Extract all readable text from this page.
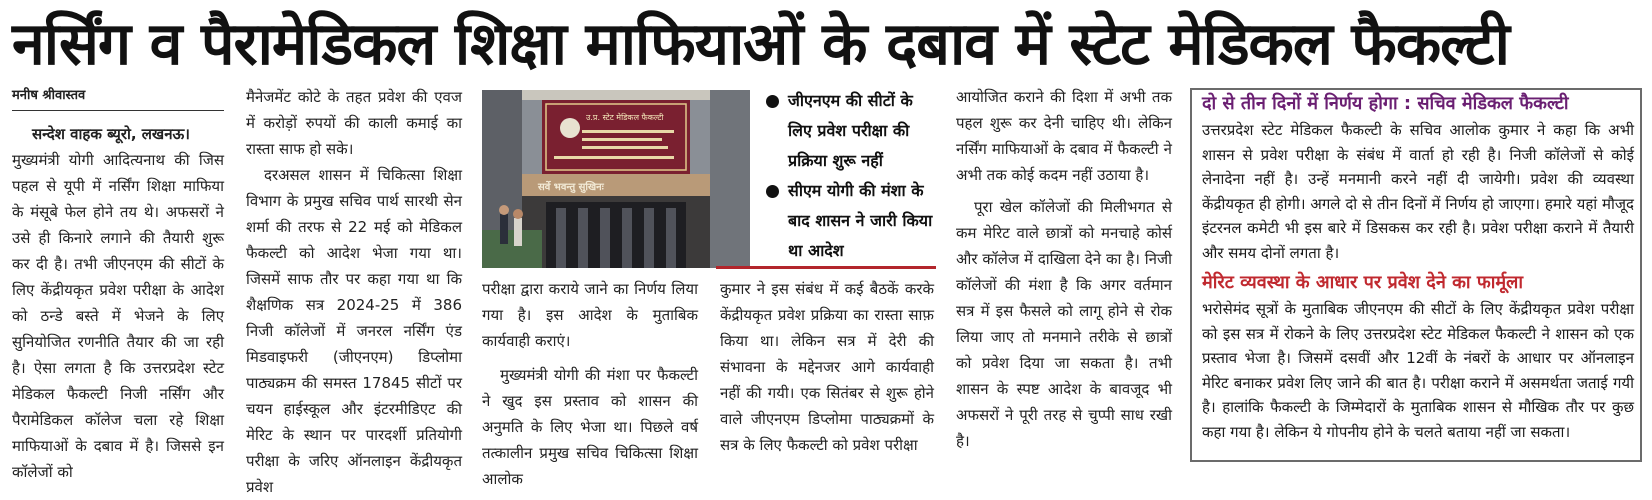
नर्सिंग व पैरामेडिकल शिक्षा माफियाओं के दबाव में स्टेट मेडिकल फैकल्टी

मनीष श्रीवास्तव

सन्देश वाहक ब्यूरो, लखनऊ।

मुख्यमंत्री योगी आदित्यनाथ की जिस पहल से यूपी में नर्सिंग शिक्षा माफिया के मंसूबे फेल होने तय थे। अफसरों ने उसे ही किनारे लगाने की तैयारी शुरू कर दी है। तभी जीएनएम की सीटों के लिए केंद्रीयकृत प्रवेश परीक्षा के आदेश को ठन्डे बस्ते में भेजने के लिए सुनियोजित रणनीति तैयार की जा रही है। ऐसा लगता है कि उत्तरप्रदेश स्टेट मेडिकल फैकल्टी निजी नर्सिंग और पैरामेडिकल कॉलेज चला रहे शिक्षा माफियाओं के दबाव में है। जिससे इन कॉलेजों को

मैनेजमेंट कोटे के तहत प्रवेश की एवज में करोड़ों रुपयों की काली कमाई का रास्ता साफ हो सके।

दरअसल शासन में चिकित्सा शिक्षा विभाग के प्रमुख सचिव पार्थ सारथी सेन शर्मा की तरफ से 22 मई को मेडिकल फैकल्टी को आदेश भेजा गया था। जिसमें साफ तौर पर कहा गया था कि शैक्षणिक सत्र 2024-25 में 386 निजी कॉलेजों में जनरल नर्सिंग एंड मिडवाइफरी (जीएनएम) डिप्लोमा पाठ्यक्रम की समस्त 17845 सीटों पर चयन हाईस्कूल और इंटरमीडिएट की मेरिट के स्थान पर पारदर्शी प्रतियोगी परीक्षा के जरिए ऑनलाइन केंद्रीयकृत प्रवेश

उ.प्र. स्टेट मेडिकल फैकल्टी
सर्वे भवन्तु सुखिनः
जीएनएम की सीटों के लिए प्रवेश परीक्षा की प्रक्रिया शुरू नहीं
सीएम योगी की मंशा के बाद शासन ने जारी किया था आदेश

परीक्षा द्वारा कराये जाने का निर्णय लिया गया है। इस आदेश के मुताबिक कार्यवाही कराएं।

मुख्यमंत्री योगी की मंशा पर फैकल्टी ने खुद इस प्रस्ताव को शासन की अनुमति के लिए भेजा था। पिछले वर्ष तत्कालीन प्रमुख सचिव चिकित्सा शिक्षा आलोक

कुमार ने इस संबंध में कई बैठकें करके केंद्रीयकृत प्रवेश प्रक्रिया का रास्ता साफ़ किया था। लेकिन सत्र में देरी की संभावना के मद्देनजर आगे कार्यवाही नहीं की गयी। एक सितंबर से शुरू होने वाले जीएनएम डिप्लोमा पाठ्यक्रमों के सत्र के लिए फैकल्टी को प्रवेश परीक्षा

आयोजित कराने की दिशा में अभी तक पहल शुरू कर देनी चाहिए थी। लेकिन नर्सिंग माफियाओं के दबाव में फैकल्टी ने अभी तक कोई कदम नहीं उठाया है।

पूरा खेल कॉलेजों की मिलीभगत से कम मेरिट वाले छात्रों को मनचाहे कोर्स और कॉलेज में दाखिला देने का है। निजी कॉलेजों की मंशा है कि अगर वर्तमान सत्र में इस फैसले को लागू होने से रोक लिया जाए तो मनमाने तरीके से छात्रों को प्रवेश दिया जा सकता है। तभी शासन के स्पष्ट आदेश के बावजूद भी अफसरों ने पूरी तरह से चुप्पी साध रखी है।

दो से तीन दिनों में निर्णय होगा : सचिव मेडिकल फैकल्टी

उत्तरप्रदेश स्टेट मेडिकल फैकल्टी के सचिव आलोक कुमार ने कहा कि अभी शासन से प्रवेश परीक्षा के संबंध में वार्ता हो रही है। निजी कॉलेजों से कोई लेनादेना नहीं है। उन्हें मनमानी करने नहीं दी जायेगी। प्रवेश की व्यवस्था केंद्रीयकृत ही होगी। अगले दो से तीन दिनों में निर्णय हो जाएगा। हमारे यहां मौजूद इंटरनल कमेटी भी इस बारे में डिसकस कर रही है। प्रवेश परीक्षा कराने में तैयारी और समय दोनों लगता है।

मेरिट व्यवस्था के आधार पर प्रवेश देने का फार्मूला

भरोसेमंद सूत्रों के मुताबिक जीएनएम की सीटों के लिए केंद्रीयकृत प्रवेश परीक्षा को इस सत्र में रोकने के लिए उत्तरप्रदेश स्टेट मेडिकल फैकल्टी ने शासन को एक प्रस्ताव भेजा है। जिसमें दसवीं और 12वीं के नंबरों के आधार पर ऑनलाइन मेरिट बनाकर प्रवेश लिए जाने की बात है। परीक्षा कराने में असमर्थता जताई गयी है। हालांकि फैकल्टी के जिम्मेदारों के मुताबिक शासन से मौखिक तौर पर कुछ कहा गया है। लेकिन ये गोपनीय होने के चलते बताया नहीं जा सकता।
